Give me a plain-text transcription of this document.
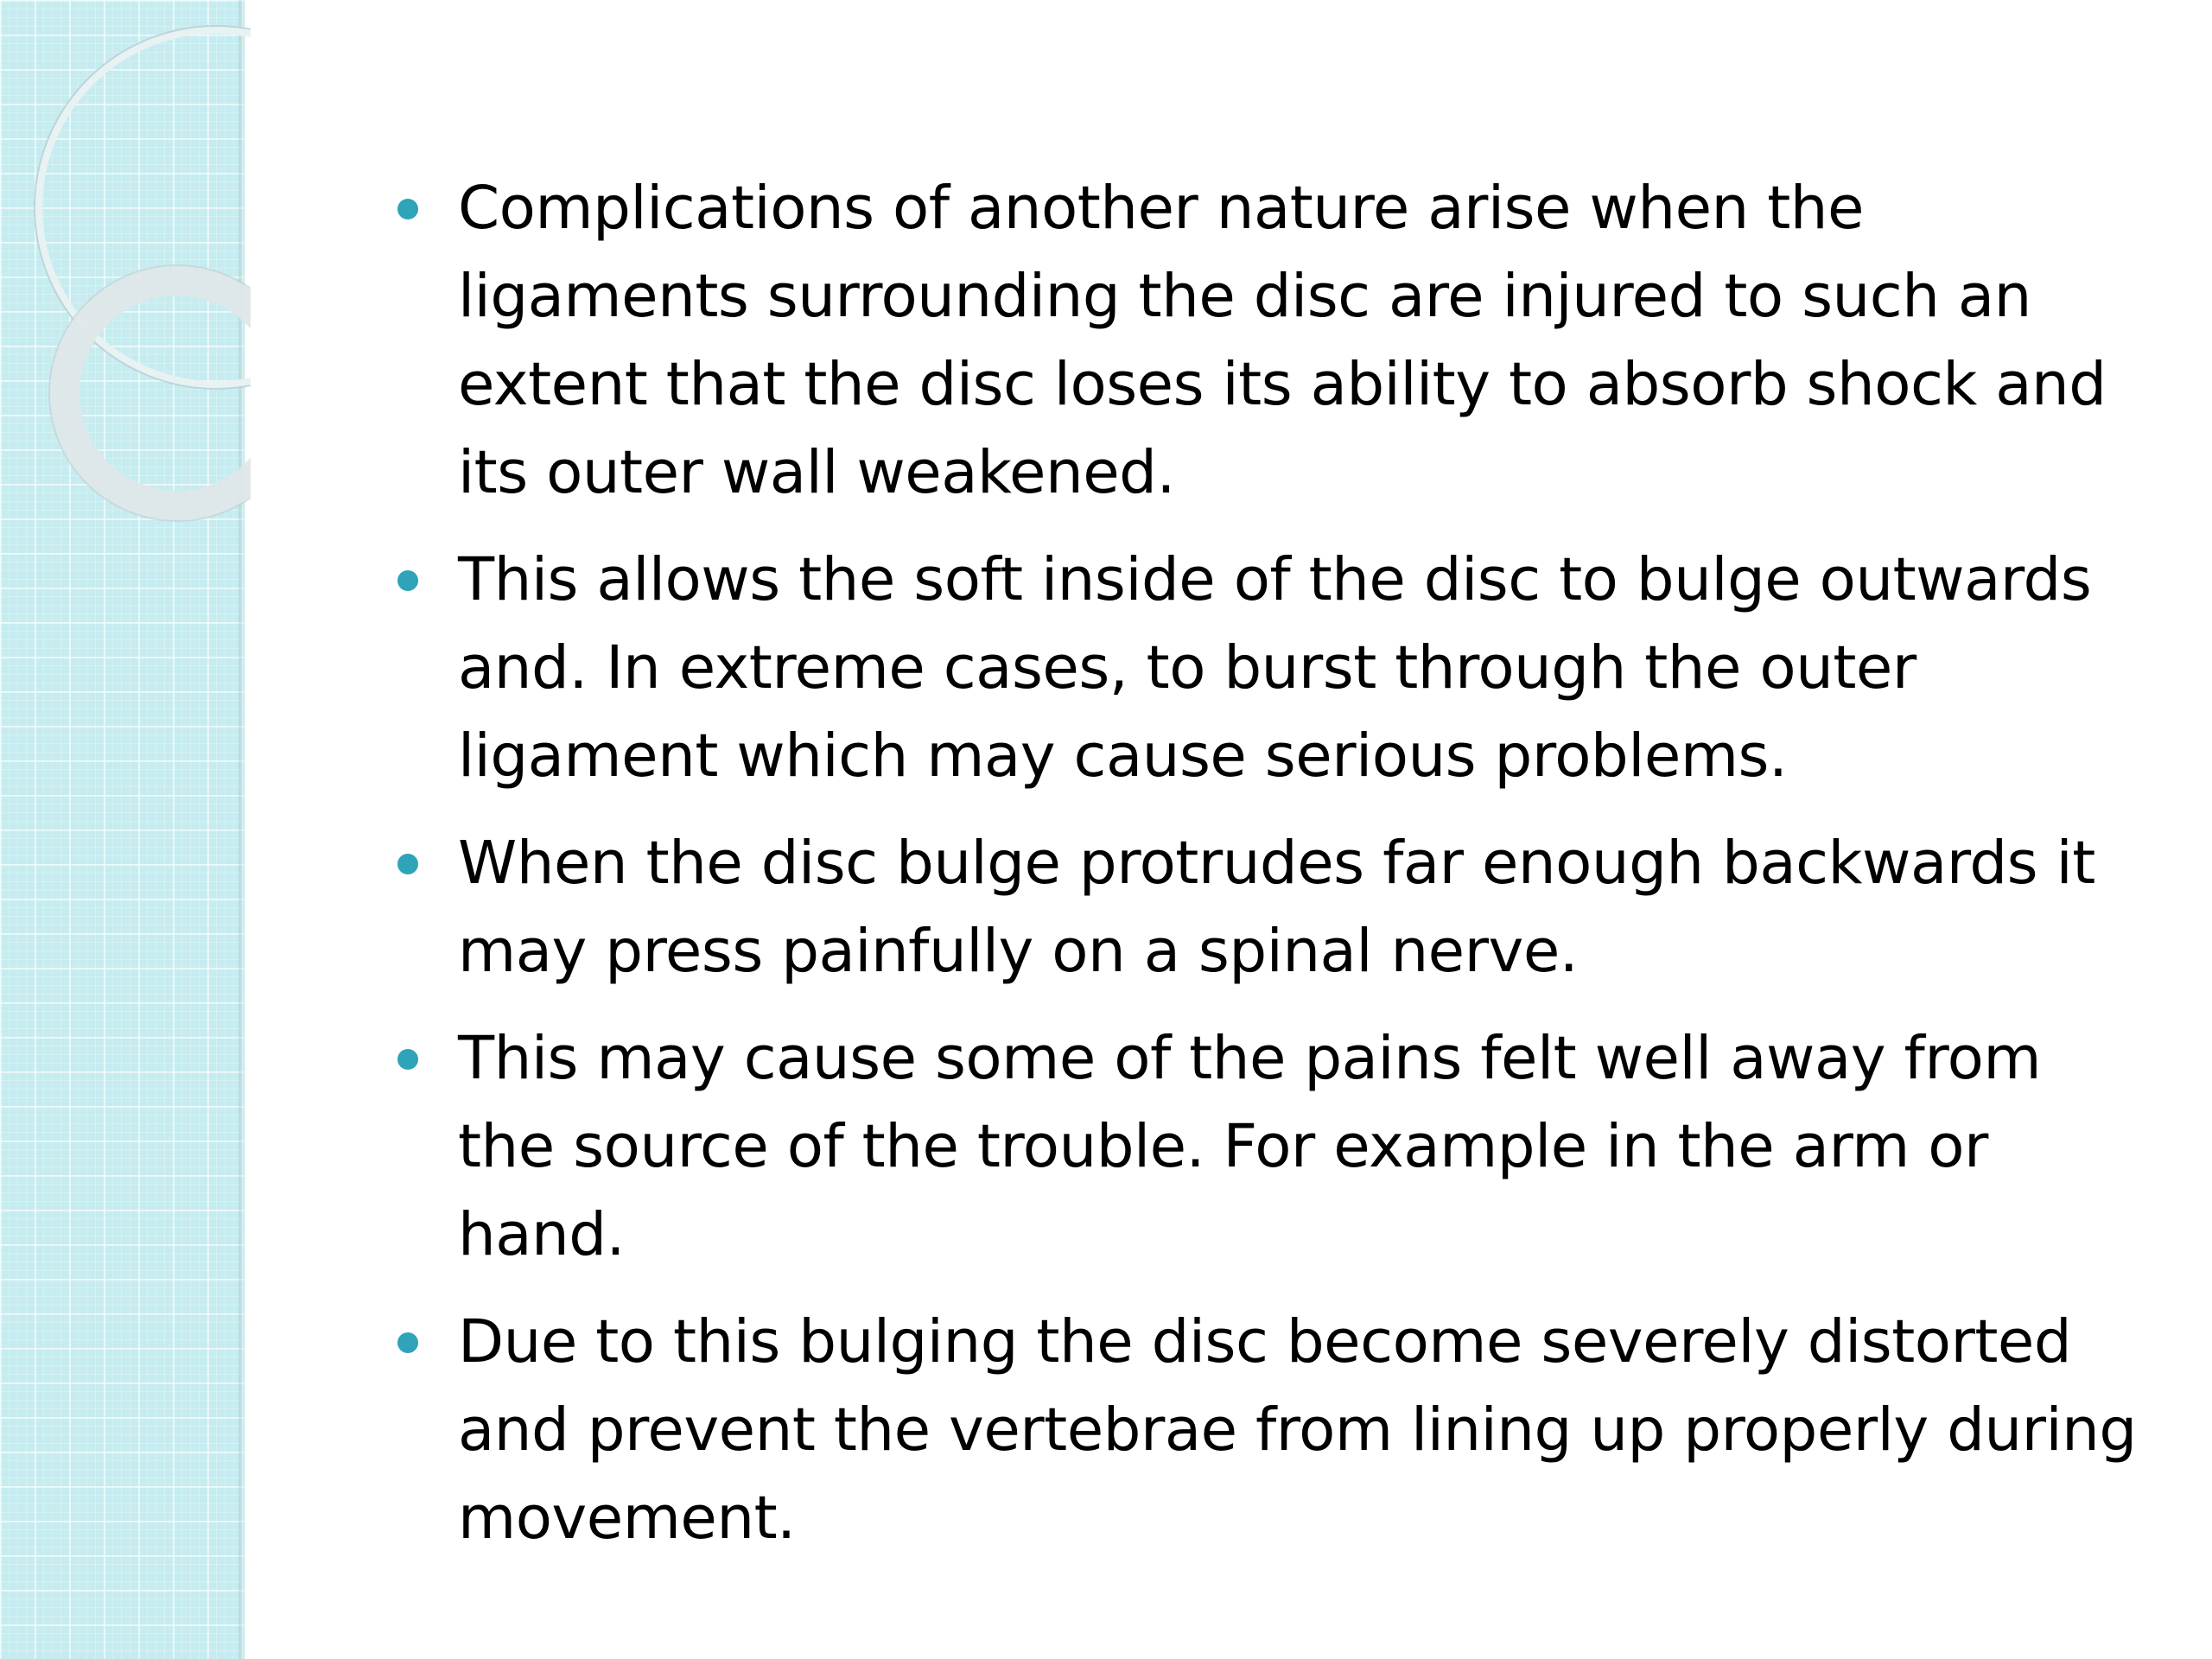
Complications of another nature arise when the ligaments surrounding the disc are injured to such an extent that the disc loses its ability to absorb shock and its outer wall weakened.
This allows the soft inside of the disc to bulge outwards and. In extreme cases, to burst through the outer ligament which may cause serious problems.
When the disc bulge protrudes far enough backwards it may press painfully on a spinal nerve.
This may cause some of the pains felt well away from the source of the trouble. For example in the arm or hand.
Due to this bulging the disc become severely distorted and prevent the vertebrae from lining up properly during movement.
